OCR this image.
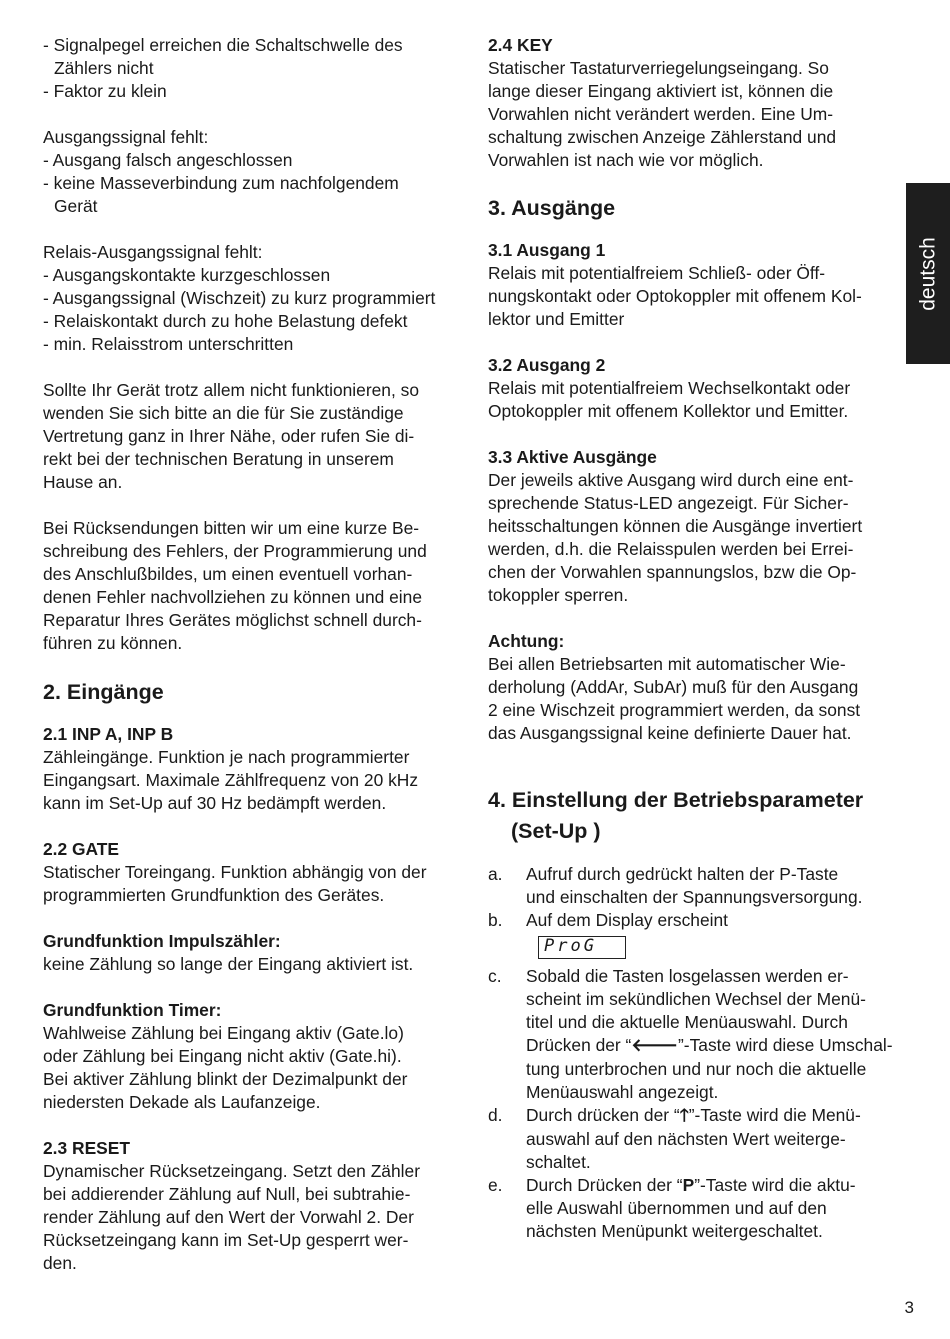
deutsch
- Signalpegel erreichen die Schaltschwelle des
Zählers nicht
- Faktor zu klein
Ausgangssignal fehlt:
- Ausgang falsch angeschlossen
- keine Masseverbindung zum nachfolgendem
Gerät
Relais-Ausgangssignal fehlt:
- Ausgangskontakte kurzgeschlossen
- Ausgangssignal (Wischzeit) zu kurz programmiert
- Relaiskontakt durch zu hohe Belastung defekt
- min. Relaisstrom unterschritten
Sollte Ihr Gerät trotz allem nicht funktionieren, so
wenden Sie sich bitte an die für Sie zuständige
Vertretung ganz in Ihrer Nähe, oder rufen Sie di-
rekt bei der technischen Beratung in unserem
Hause an.
Bei Rücksendungen bitten wir um eine kurze Be-
schreibung des Fehlers, der Programmierung und
des Anschlußbildes, um einen eventuell vorhan-
denen Fehler nachvollziehen zu können und eine
Reparatur Ihres Gerätes möglichst schnell durch-
führen zu können.
2. Eingänge
2.1 INP A, INP B
Zähleingänge. Funktion je nach programmierter
Eingangsart. Maximale Zählfrequenz von 20 kHz
kann im Set-Up auf 30 Hz bedämpft werden.
2.2 GATE
Statischer Toreingang. Funktion abhängig von der
programmierten Grundfunktion des Gerätes.
Grundfunktion Impulszähler:
keine Zählung so lange der Eingang aktiviert ist.
Grundfunktion Timer:
Wahlweise Zählung bei Eingang aktiv (Gate.lo)
oder Zählung bei Eingang nicht aktiv (Gate.hi).
Bei aktiver Zählung blinkt der Dezimalpunkt der
niedersten Dekade als Laufanzeige.
2.3 RESET
Dynamischer Rücksetzeingang. Setzt den Zähler
bei addierender Zählung auf Null, bei subtrahie-
render Zählung auf den Wert der Vorwahl 2. Der
Rücksetzeingang kann im Set-Up gesperrt wer-
den.
2.4 KEY
Statischer Tastaturverriegelungseingang. So
lange dieser Eingang aktiviert ist, können die
Vorwahlen nicht verändert werden. Eine Um-
schaltung zwischen Anzeige Zählerstand und
Vorwahlen ist nach wie vor möglich.
3. Ausgänge
3.1 Ausgang 1
Relais mit potentialfreiem Schließ- oder Öff-
nungskontakt oder Optokoppler mit offenem Kol-
lektor und Emitter
3.2 Ausgang 2
Relais mit potentialfreiem Wechselkontakt oder
Optokoppler mit offenem Kollektor und Emitter.
3.3 Aktive Ausgänge
Der jeweils aktive Ausgang wird durch eine ent-
sprechende Status-LED angezeigt. Für Sicher-
heitsschaltungen können die Ausgänge invertiert
werden, d.h. die Relaisspulen werden bei Errei-
chen der Vorwahlen spannungslos, bzw die Op-
tokoppler sperren.
Achtung:
Bei allen Betriebsarten mit automatischer Wie-
derholung (AddAr, SubAr) muß für den Ausgang
2 eine Wischzeit programmiert werden, da sonst
das Ausgangssignal keine definierte Dauer hat.
4. Einstellung der Betriebsparameter
(Set-Up )
a. Aufruf durch gedrückt halten der P-Taste
und einschalten der Spannungsversorgung.
b. Auf dem Display erscheint
ProG
c. Sobald die Tasten losgelassen werden er-
scheint im sekündlichen Wechsel der Menü-
titel und die aktuelle Menüauswahl. Durch
Drücken der “🡐”-Taste wird diese Umschal-
tung unterbrochen und nur noch die aktuelle
Menüauswahl angezeigt.
d. Durch drücken der “🡑”-Taste wird die Menü-
auswahl auf den nächsten Wert weiterge-
schaltet.
e. Durch Drücken der “P”-Taste wird die aktu-
elle Auswahl übernommen und auf den
nächsten Menüpunkt weitergeschaltet.
3
